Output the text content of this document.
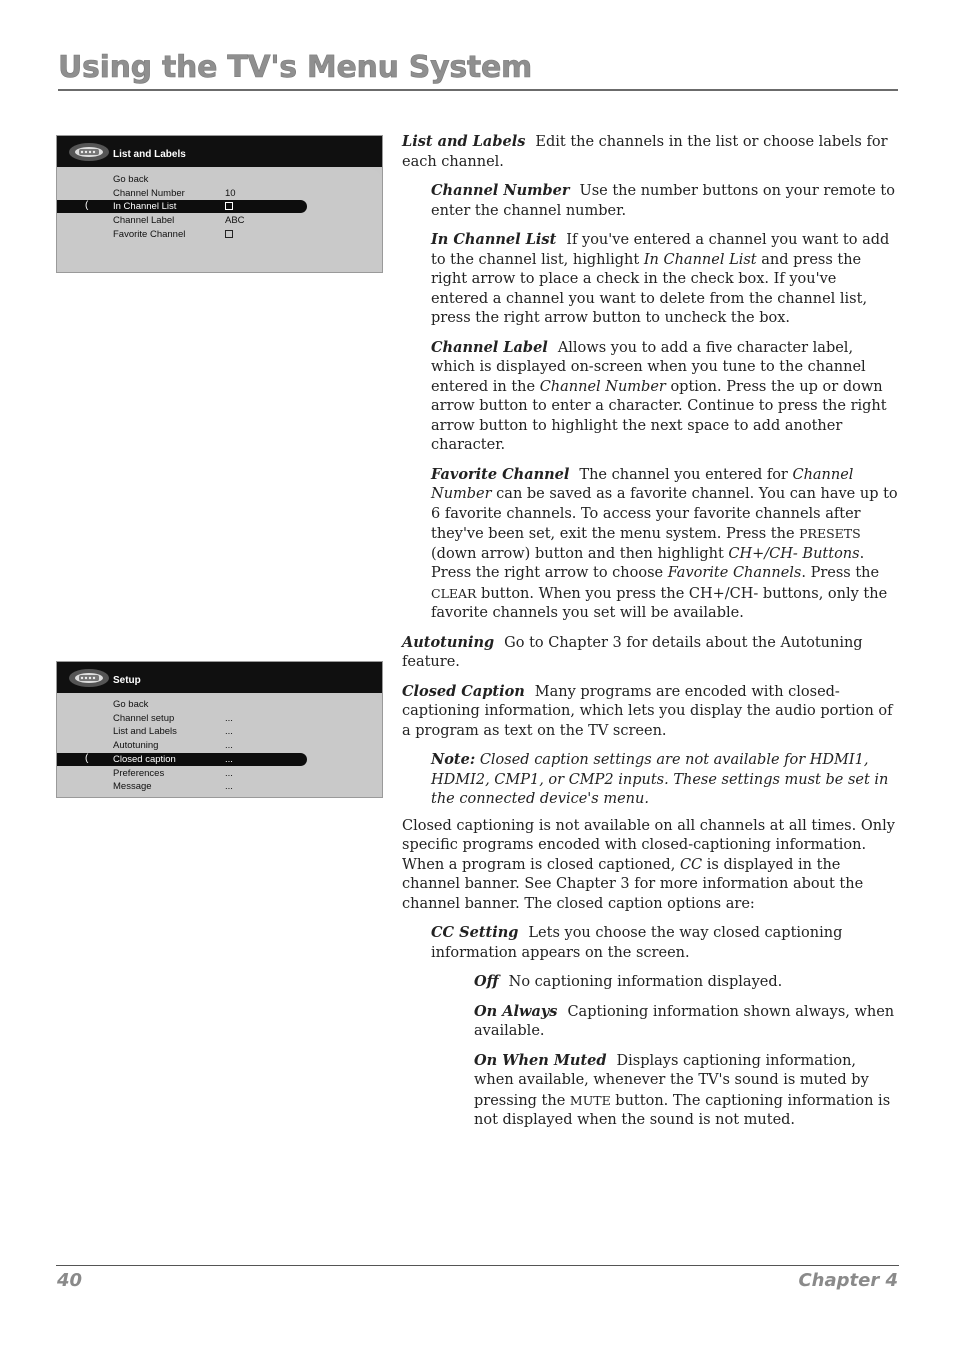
Using the TV's Menu System
List and Labels
Go back
Channel Number	10
(	In Channel List
Channel Label	ABC
Favorite Channel
Setup
Go back
Channel setup	...
List and Labels	...
Autotuning	...
(	Closed caption	...
Preferences	...
Message	...

List and Labels Edit the channels in the list or choose labels for each channel.

Channel Number Use the number buttons on your remote to enter the channel number.

In Channel List If you've entered a channel you want to add to the channel list, highlight In Channel List and press the right arrow to place a check in the check box. If you've entered a channel you want to delete from the channel list, press the right arrow button to uncheck the box.

Channel Label Allows you to add a five character label, which is displayed on-screen when you tune to the channel entered in the Channel Number option. Press the up or down arrow button to enter a character. Continue to press the right arrow button to highlight the next space to add another character.

Favorite Channel The channel you entered for Channel Number can be saved as a favorite channel. You can have up to 6 favorite channels. To access your favorite channels after they've been set, exit the menu system. Press the PRESETS (down arrow) button and then highlight CH+/CH- Buttons. Press the right arrow to choose Favorite Channels. Press the CLEAR button. When you press the CH+/CH- buttons, only the favorite channels you set will be available.

Autotuning Go to Chapter 3 for details about the Autotuning feature.

Closed Caption Many programs are encoded with closed-captioning information, which lets you display the audio portion of a program as text on the TV screen.

Note: Closed caption settings are not available for HDMI1, HDMI2, CMP1, or CMP2 inputs. These settings must be set in the connected device's menu.

Closed captioning is not available on all channels at all times. Only specific programs encoded with closed-captioning information. When a program is closed captioned, CC is displayed in the channel banner. See Chapter 3 for more information about the channel banner. The closed caption options are:

CC Setting Lets you choose the way closed captioning information appears on the screen.

Off No captioning information displayed.

On Always Captioning information shown always, when available.

On When Muted Displays captioning information, when available, whenever the TV's sound is muted by pressing the MUTE button. The captioning information is not displayed when the sound is not muted.

40	Chapter 4
